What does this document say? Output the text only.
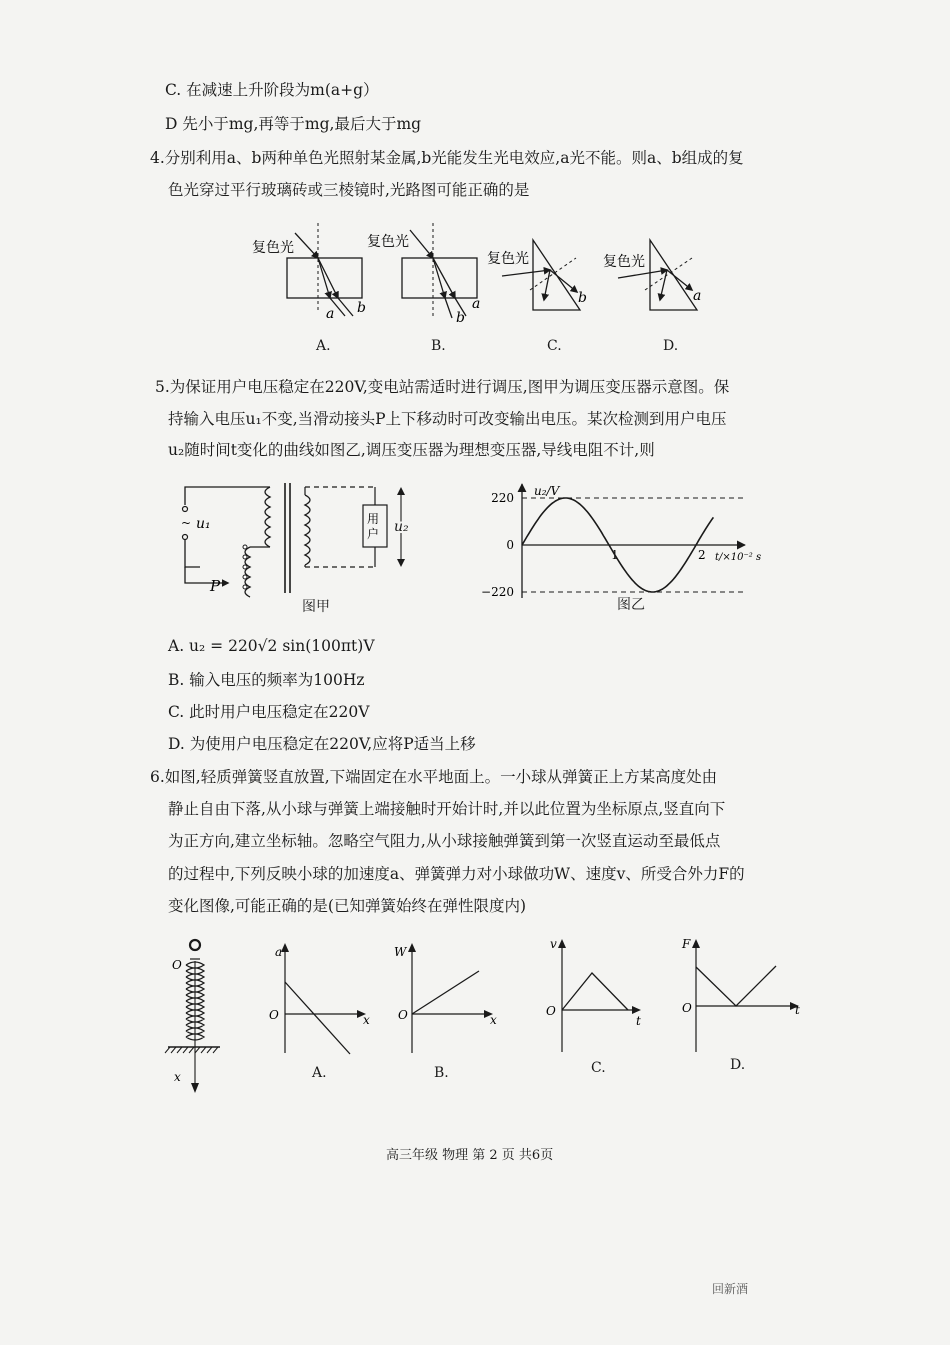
C. 在减速上升阶段为m(a+g）
D 先小于mg,再等于mg,最后大于mg
4.分别利用a、b两种单色光照射某金属,b光能发生光电效应,a光不能。则a、b组成的复
色光穿过平行玻璃砖或三棱镜时,光路图可能正确的是
复色光
a b
复色光
b
a
复色光
b
复色光
a
A.	B.	C.	D.
5.为保证用户电压稳定在220V,变电站需适时进行调压,图甲为调压变压器示意图。保
持输入电压u₁不变,当滑动接头P上下移动时可改变输出电压。某次检测到用户电压
u₂随时间t变化的曲线如图乙,调压变压器为理想变压器,导线电阻不计,则
~ u₁
P
用
户 u₂
图甲
u₂/V
t/×10⁻² s
220
0
−220
1	2
图乙
A. u₂ = 220√2 sin(100πt)V
B. 输入电压的频率为100Hz
C. 此时用户电压稳定在220V
D. 为使用户电压稳定在220V,应将P适当上移
6.如图,轻质弹簧竖直放置,下端固定在水平地面上。一小球从弹簧正上方某高度处由
静止自由下落,从小球与弹簧上端接触时开始计时,并以此位置为坐标原点,竖直向下
为正方向,建立坐标轴。忽略空气阻力,从小球接触弹簧到第一次竖直运动至最低点
的过程中,下列反映小球的加速度a、弹簧弹力对小球做功W、速度v、所受合外力F的
变化图像,可能正确的是(已知弹簧始终在弹性限度内)
O
x
a
O	x
A.
W
O	x
B.
v
O
t
C.
F
O	t
D.
高三年级 物理 第 2 页 共6页
回新酒
